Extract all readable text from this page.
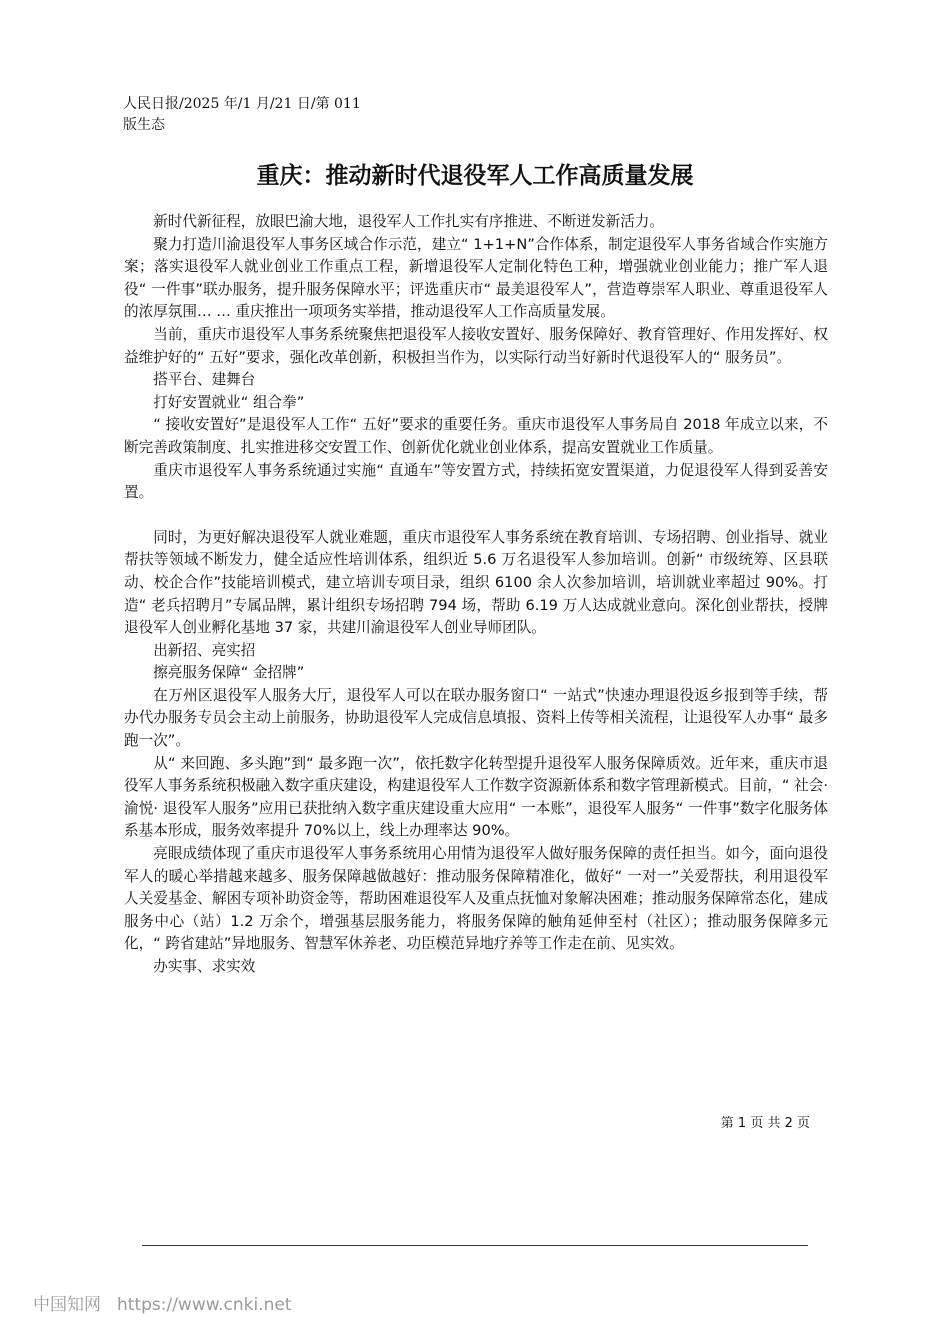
人民日报/2025 年/1 月/21 日/第 011
版生态
重庆：推动新时代退役军人工作高质量发展

新时代新征程，放眼巴渝大地，退役军人工作扎实有序推进、不断迸发新活力。

聚力打造川渝退役军人事务区域合作示范，建立“ 1+1+N”合作体系，制定退役军人事务省域合作实施方案；落实退役军人就业创业工作重点工程，新增退役军人定制化特色工种，增强就业创业能力；推广军人退役“ 一件事”联办服务，提升服务保障水平；评选重庆市“ 最美退役军人”，营造尊崇军人职业、尊重退役军人的浓厚氛围… … 重庆推出一项项务实举措，推动退役军人工作高质量发展。

当前，重庆市退役军人事务系统聚焦把退役军人接收安置好、服务保障好、教育管理好、作用发挥好、权益维护好的“ 五好”要求，强化改革创新，积极担当作为，以实际行动当好新时代退役军人的“ 服务员”。

搭平台、建舞台

打好安置就业“ 组合拳”

“ 接收安置好”是退役军人工作“ 五好”要求的重要任务。重庆市退役军人事务局自 2018 年成立以来，不断完善政策制度、扎实推进移交安置工作、创新优化就业创业体系，提高安置就业工作质量。

重庆市退役军人事务系统通过实施“ 直通车”等安置方式，持续拓宽安置渠道，力促退役军人得到妥善安置。

同时，为更好解决退役军人就业难题，重庆市退役军人事务系统在教育培训、专场招聘、创业指导、就业帮扶等领域不断发力，健全适应性培训体系，组织近 5.6 万名退役军人参加培训。创新“ 市级统筹、区县联动、校企合作”技能培训模式，建立培训专项目录，组织 6100 余人次参加培训，培训就业率超过 90%。打造“ 老兵招聘月”专属品牌，累计组织专场招聘 794 场，帮助 6.19 万人达成就业意向。深化创业帮扶，授牌退役军人创业孵化基地 37 家，共建川渝退役军人创业导师团队。

出新招、亮实招

擦亮服务保障“ 金招牌”

在万州区退役军人服务大厅，退役军人可以在联办服务窗口“ 一站式”快速办理退役返乡报到等手续，帮办代办服务专员会主动上前服务，协助退役军人完成信息填报、资料上传等相关流程，让退役军人办事“ 最多跑一次”。

从“ 来回跑、多头跑”到“ 最多跑一次”，依托数字化转型提升退役军人服务保障质效。近年来，重庆市退役军人事务系统积极融入数字重庆建设，构建退役军人工作数字资源新体系和数字管理新模式。目前，“ 社会· 渝悦· 退役军人服务”应用已获批纳入数字重庆建设重大应用“ 一本账”，退役军人服务“ 一件事”数字化服务体系基本形成，服务效率提升 70%以上，线上办理率达 90%。

亮眼成绩体现了重庆市退役军人事务系统用心用情为退役军人做好服务保障的责任担当。如今，面向退役军人的暖心举措越来越多、服务保障越做越好：推动服务保障精准化，做好“ 一对一”关爱帮扶，利用退役军人关爱基金、解困专项补助资金等，帮助困难退役军人及重点抚恤对象解决困难；推动服务保障常态化，建成服务中心（站）1.2 万余个，增强基层服务能力，将服务保障的触角延伸至村（社区）；推动服务保障多元化，“ 跨省建站”异地服务、智慧军休养老、功臣模范异地疗养等工作走在前、见实效。

办实事、求实效

第 1 页 共 2 页
中国知网 https://www.cnki.net
